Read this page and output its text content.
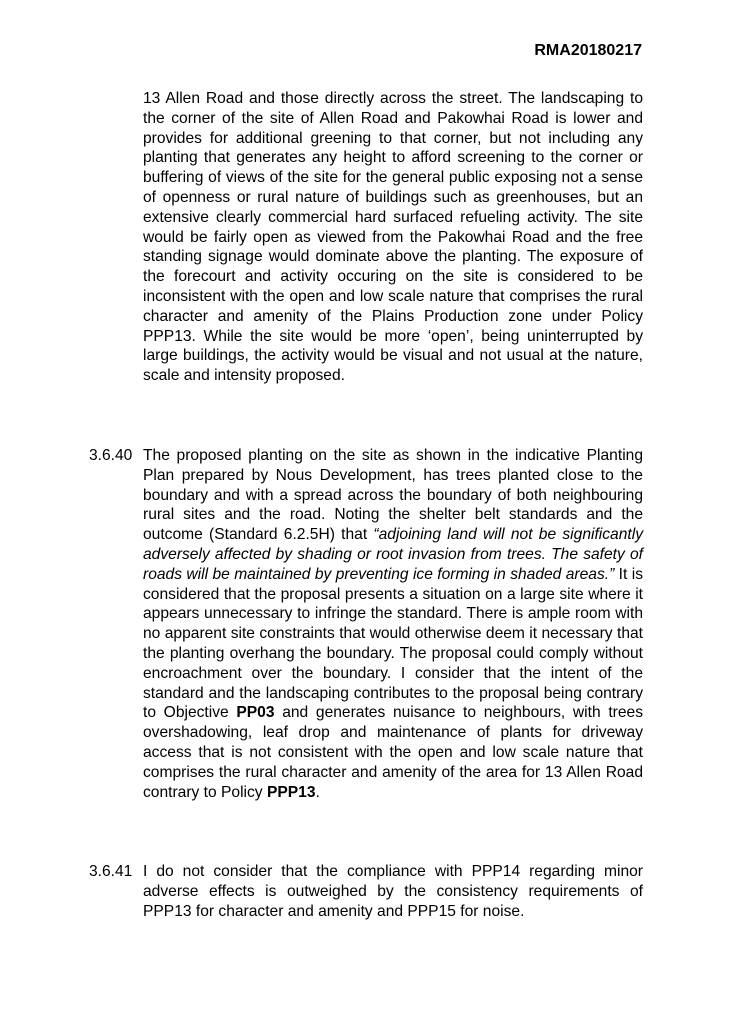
RMA20180217

13 Allen Road and those directly across the street. The landscaping to the corner of the site of Allen Road and Pakowhai Road is lower and provides for additional greening to that corner, but not including any planting that generates any height to afford screening to the corner or buffering of views of the site for the general public exposing not a sense of openness or rural nature of buildings such as greenhouses, but an extensive clearly commercial hard surfaced refueling activity. The site would be fairly open as viewed from the Pakowhai Road and the free standing signage would dominate above the planting. The exposure of the forecourt and activity occuring on the site is considered to be inconsistent with the open and low scale nature that comprises the rural character and amenity of the Plains Production zone under Policy PPP13. While the site would be more ‘open’, being uninterrupted by large buildings, the activity would be visual and not usual at the nature, scale and intensity proposed.

3.6.40 The proposed planting on the site as shown in the indicative Planting Plan prepared by Nous Development, has trees planted close to the boundary and with a spread across the boundary of both neighbouring rural sites and the road. Noting the shelter belt standards and the outcome (Standard 6.2.5H) that “adjoining land will not be significantly adversely affected by shading or root invasion from trees. The safety of roads will be maintained by preventing ice forming in shaded areas.” It is considered that the proposal presents a situation on a large site where it appears unnecessary to infringe the standard. There is ample room with no apparent site constraints that would otherwise deem it necessary that the planting overhang the boundary. The proposal could comply without encroachment over the boundary. I consider that the intent of the standard and the landscaping contributes to the proposal being contrary to Objective PP03 and generates nuisance to neighbours, with trees overshadowing, leaf drop and maintenance of plants for driveway access that is not consistent with the open and low scale nature that comprises the rural character and amenity of the area for 13 Allen Road contrary to Policy PPP13.

3.6.41 I do not consider that the compliance with PPP14 regarding minor adverse effects is outweighed by the consistency requirements of PPP13 for character and amenity and PPP15 for noise.
